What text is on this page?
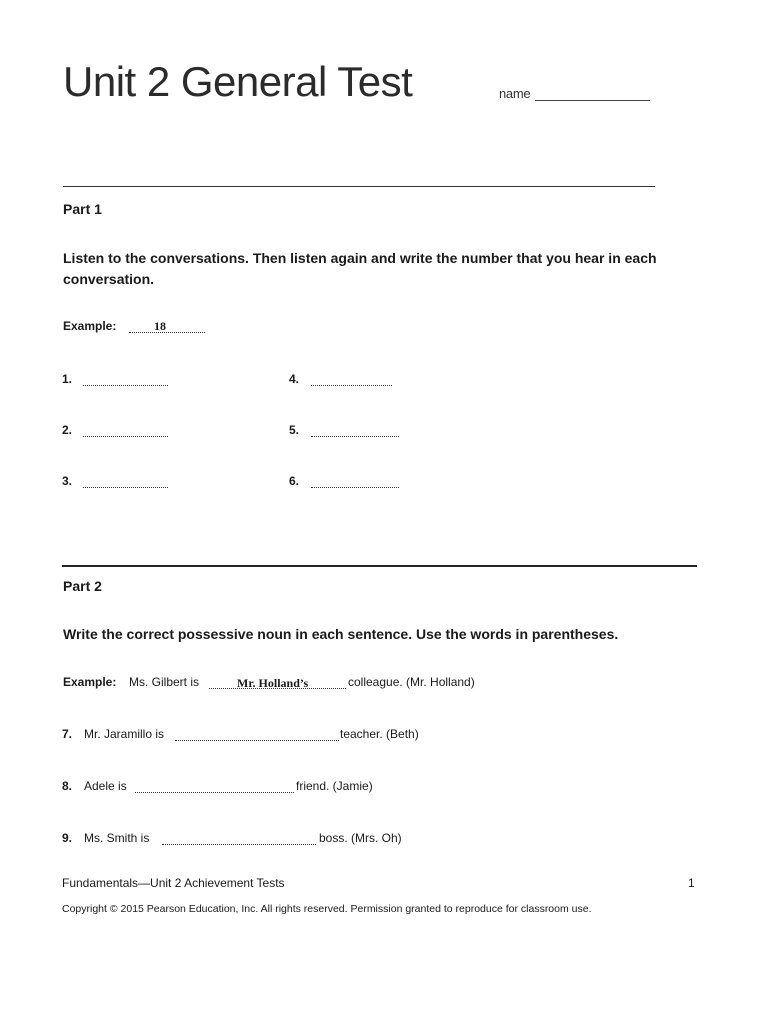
Unit 2 General Test	name
Part 1
Listen to the conversations. Then listen again and write the number that you hear in each conversation.
Example:	18
1.
2.
3.
4.
5.
6.
Part 2
Write the correct possessive noun in each sentence. Use the words in parentheses.
Example: Ms. Gilbert is	Mr. Holland’s	colleague. (Mr. Holland)
7. Mr. Jaramillo is	teacher. (Beth)
8. Adele is	friend. (Jamie)
9. Ms. Smith is	boss. (Mrs. Oh)
Fundamentals—Unit 2 Achievement Tests	1
Copyright © 2015 Pearson Education, Inc. All rights reserved. Permission granted to reproduce for classroom use.
